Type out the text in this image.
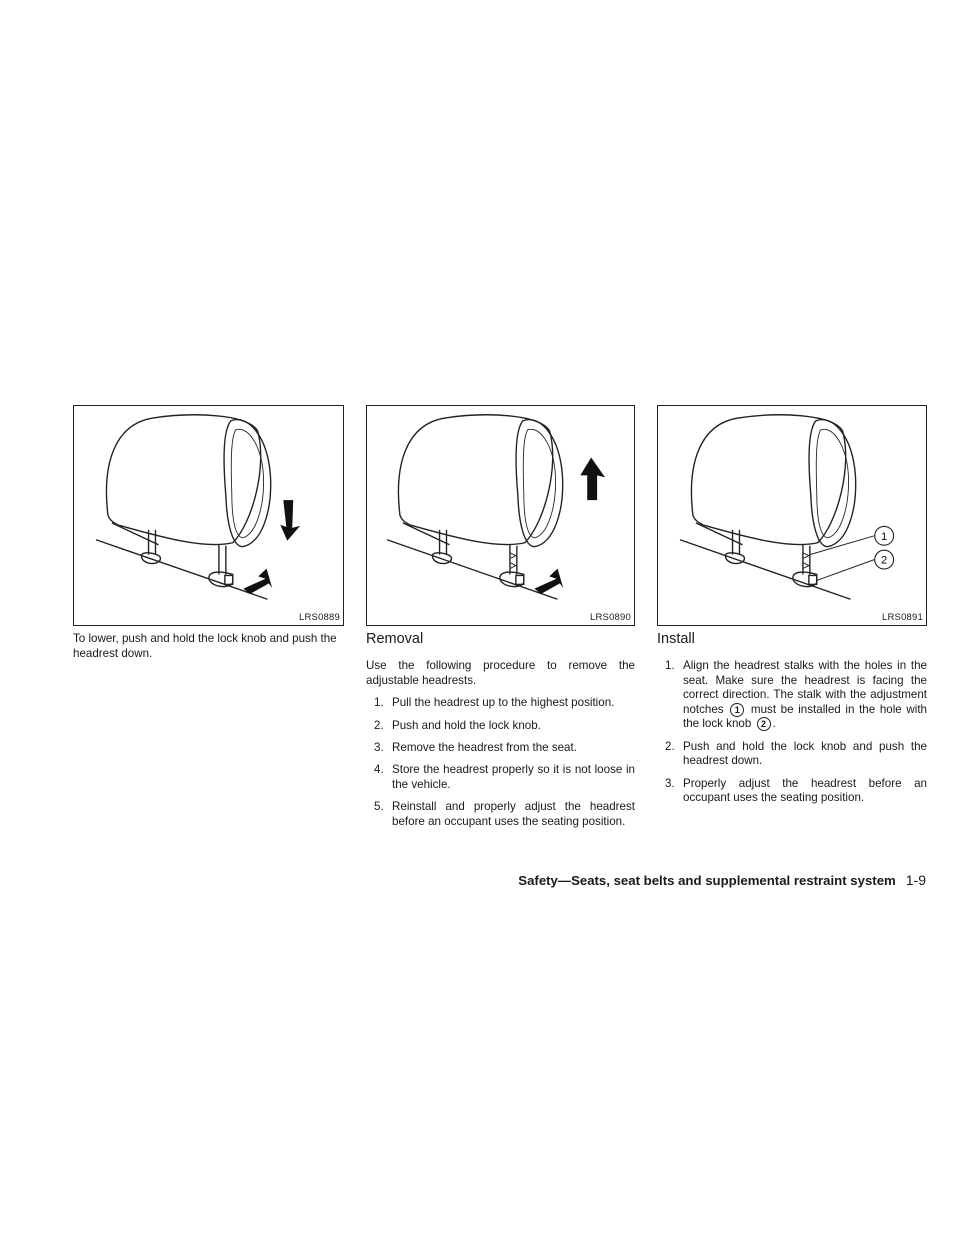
LRS0889

To lower, push and hold the lock knob and push the headrest down.

LRS0890
Removal

Use the following procedure to remove the adjustable headrests.

1. Pull the headrest up to the highest position.
2. Push and hold the lock knob.
3. Remove the headrest from the seat.
4. Store the headrest properly so it is not loose in the vehicle.
5. Reinstall and properly adjust the headrest before an occupant uses the seating position.
1
2
LRS0891
Install
1. Align the headrest stalks with the holes in the seat. Make sure the headrest is facing the correct direction. The stalk with the adjustment notches 1 must be installed in the hole with the lock knob 2 .
2. Push and hold the lock knob and push the headrest down.
3. Properly adjust the headrest before an occupant uses the seating position.
Safety—Seats, seat belts and supplemental restraint system 1-9
